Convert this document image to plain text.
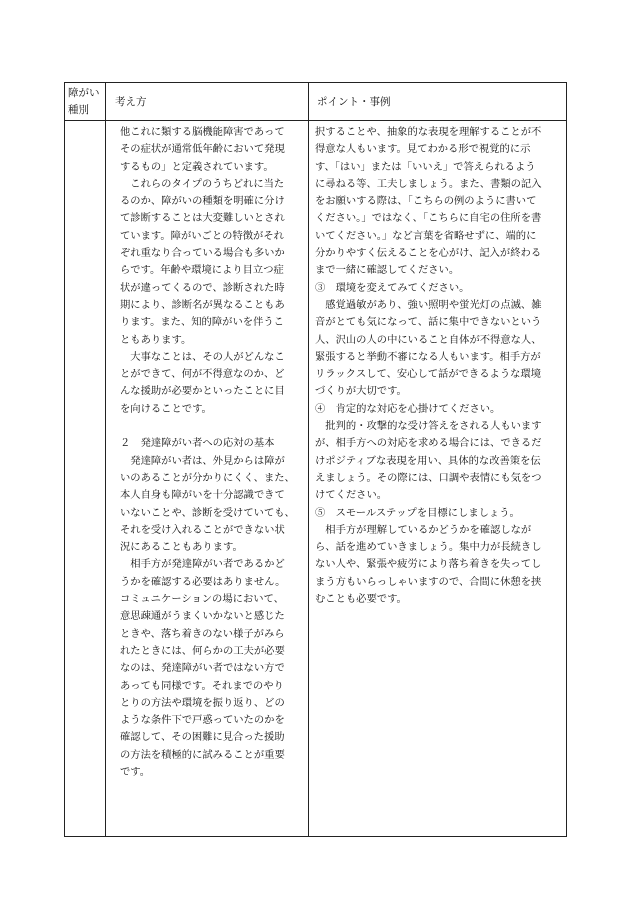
障がい
種別
考え方	ポイント・事例

他これに類する脳機能障害であって

その症状が通常低年齢において発現

するもの」と定義されています。

　これらのタイプのうちどれに当た

るのか、障がいの種類を明確に分け

て診断することは大変難しいとされ

ています。障がいごとの特徴がそれ

ぞれ重なり合っている場合も多いか

らです。年齢や環境により目立つ症

状が違ってくるので、診断された時

期により、診断名が異なることもあ

ります。また、知的障がいを伴うこ

ともあります。

　大事なことは、その人がどんなこ

とができて、何が不得意なのか、ど

んな援助が必要かといったことに目

を向けることです。

２　発達障がい者への応対の基本

　発達障がい者は、外見からは障が

いのあることが分かりにくく、また、

本人自身も障がいを十分認識できて

いないことや、診断を受けていても、

それを受け入れることができない状

況にあることもあります。

　相手方が発達障がい者であるかど

うかを確認する必要はありません。

コミュニケーションの場において、

意思疎通がうまくいかないと感じた

ときや、落ち着きのない様子がみら

れたときには、何らかの工夫が必要

なのは、発達障がい者ではない方で

あっても同様です。それまでのやり

とりの方法や環境を振り返り、どの

ような条件下で戸惑っていたのかを

確認して、その困難に見合った援助

の方法を積極的に試みることが重要

です。

択することや、抽象的な表現を理解することが不

得意な人もいます。見てわかる形で視覚的に示

す、「はい」または「いいえ」で答えられるよう

に尋ねる等、工夫しましょう。また、書類の記入

をお願いする際は、「こちらの例のように書いて

ください。」ではなく、「こちらに自宅の住所を書

いてください。」など言葉を省略せずに、端的に

分かりやすく伝えることを心がけ、記入が終わる

まで一緒に確認してください。

③　環境を変えてみてください。

　感覚過敏があり、強い照明や蛍光灯の点滅、雑

音がとても気になって、話に集中できないという

人、沢山の人の中にいること自体が不得意な人、

緊張すると挙動不審になる人もいます。相手方が

リラックスして、安心して話ができるような環境

づくりが大切です。

④　肯定的な対応を心掛けてください。

　批判的・攻撃的な受け答えをされる人もいます

が、相手方への対応を求める場合には、できるだ

けポジティブな表現を用い、具体的な改善策を伝

えましょう。その際には、口調や表情にも気をつ

けてください。

⑤　スモールステップを目標にしましょう。

　相手方が理解しているかどうかを確認しなが

ら、話を進めていきましょう。集中力が長続きし

ない人や、緊張や疲労により落ち着きを失ってし

まう方もいらっしゃいますので、合間に休憩を挟

むことも必要です。
